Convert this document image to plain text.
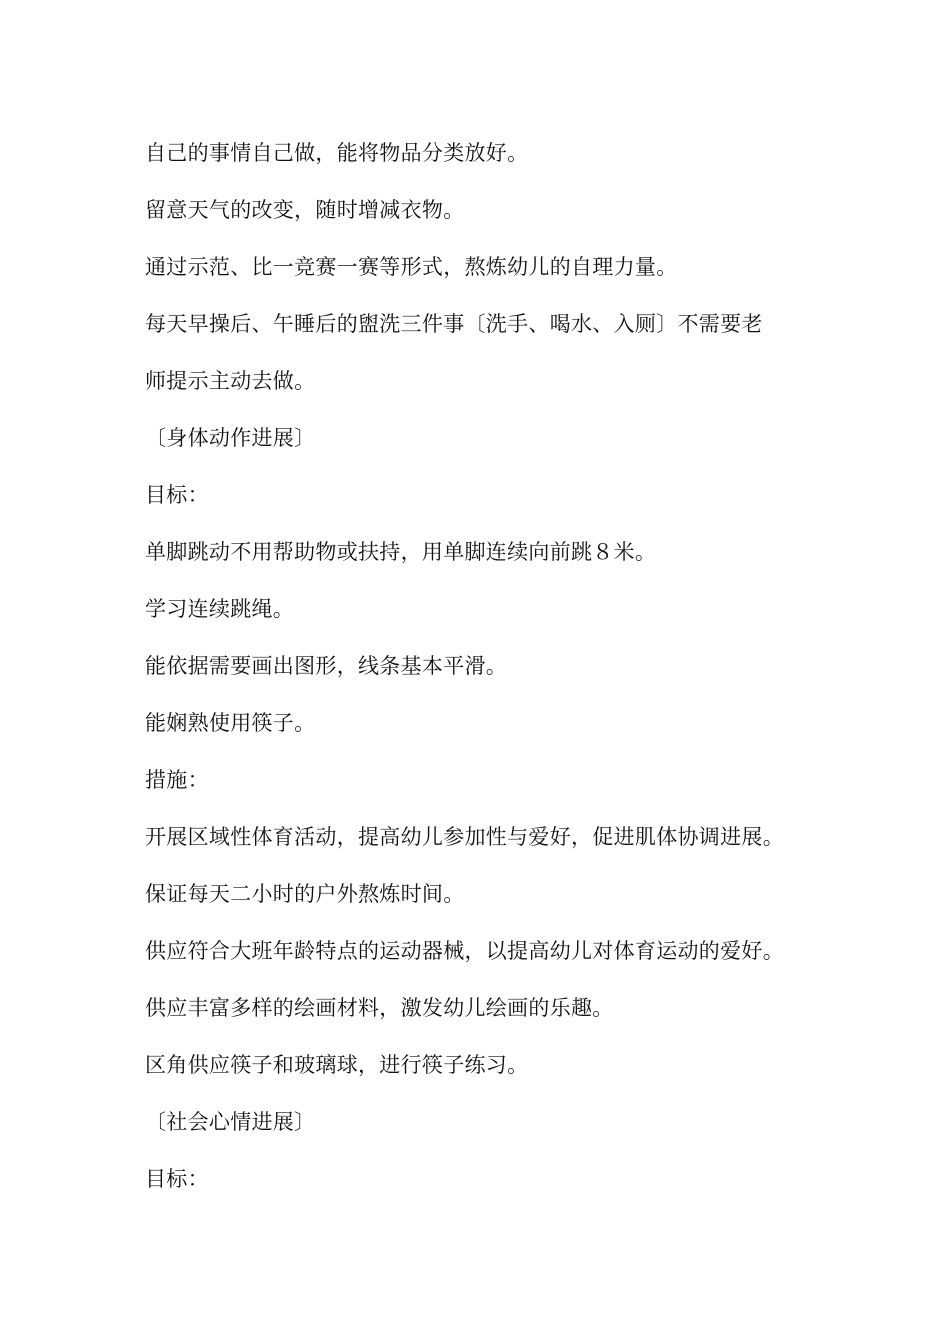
自己的事情自己做，能将物品分类放好。
留意天气的改变，随时增减衣物。
通过示范、比一竞赛一赛等形式，熬炼幼儿的自理力量。
每天早操后、午睡后的盥洗三件事〔洗手、喝水、入厕〕不需要老
师提示主动去做。
〔身体动作进展〕
目标：
单脚跳动不用帮助物或扶持，用单脚连续向前跳８米。
学习连续跳绳。
能依据需要画出图形，线条基本平滑。
能娴熟使用筷子。
措施：
开展区域性体育活动，提高幼儿参加性与爱好，促进肌体协调进展。
保证每天二小时的户外熬炼时间。
供应符合大班年龄特点的运动器械，以提高幼儿对体育运动的爱好。
供应丰富多样的绘画材料，激发幼儿绘画的乐趣。
区角供应筷子和玻璃球，进行筷子练习。
〔社会心情进展〕
目标：
